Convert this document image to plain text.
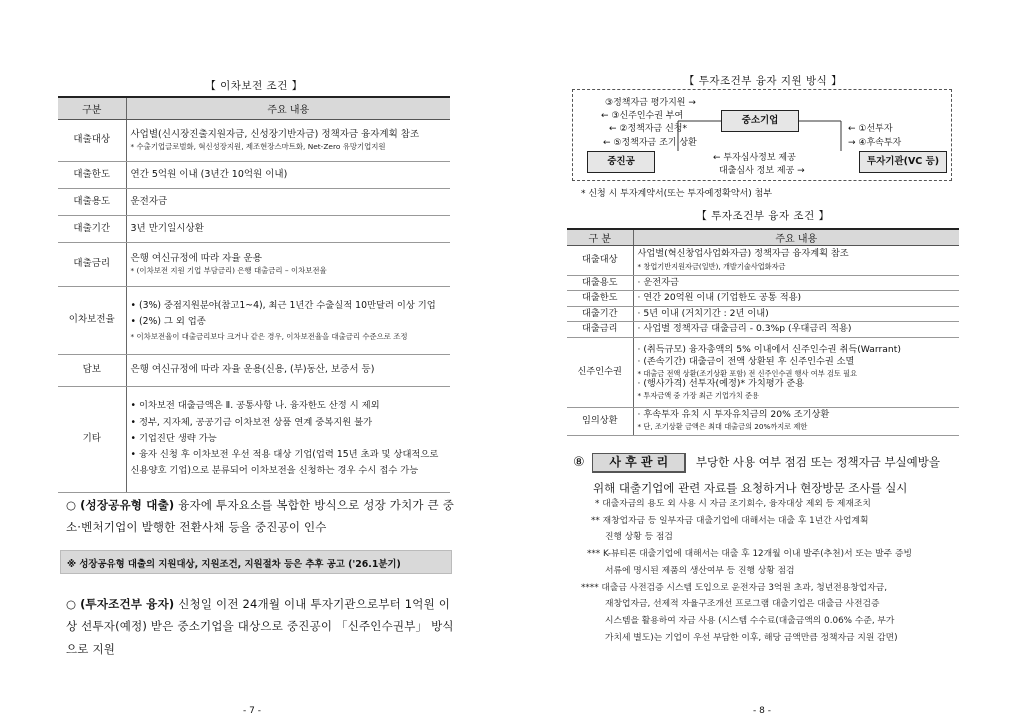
【 이차보전 조건 】
구분	주요 내용
대출대상	사업별(신시장진출지원자금, 신성장기반자금) 정책자금 융자계획 참조
* 수출기업글로벌화, 혁신성장지원, 제조현장스마트화, Net-Zero 유망기업지원

대출한도	연간 5억원 이내 (3년간 10억원 이내)
대출용도	운전자금
대출기간	3년 만기일시상환
대출금리	은행 여신규정에 따라 자율 운용
* (이차보전 지원 기업 부담금리) 은행 대출금리 – 이차보전율

이차보전율	• (3%) 중점지원분야(참고1~4), 최근 1년간 수출실적 10만달러 이상 기업
• (2%) 그 외 업종
* 이차보전율이 대출금리보다 크거나 같은 경우, 이차보전율을 대출금리 수준으로 조정

담보	은행 여신규정에 따라 자율 운용(신용, (부)동산, 보증서 등)
기타	• 이차보전 대출금액은 Ⅱ. 공통사항 나. 융자한도 산정 시 제외
• 정부, 지자체, 공공기금 이차보전 상품 연계 중복지원 불가
• 기업진단 생략 가능
• 융자 신청 후 이차보전 우선 적용 대상 기업(업력 15년 초과 및 상대적으로 신용양호 기업)으로 분류되어 이차보전을 신청하는 경우 수시 접수 가능
○ (성장공유형 대출) 융자에 투자요소를 복합한 방식으로 성장 가치가 큰 중소·벤처기업이 발행한 전환사채 등을 중진공이 인수
※ 성장공유형 대출의 지원대상, 지원조건, 지원절차 등은 추후 공고 ('26.1분기)
○ (투자조건부 융자) 신청일 이전 24개월 이내 투자기관으로부터 1억원 이상 선투자(예정) 받은 중소기업을 대상으로 중진공이 「신주인수권부」 방식으로 지원
- 7 -
【 투자조건부 융자 지원 방식 】
중소기업
중진공	투자기관(VC 등)
③정책자금 평가지원 →
← ③신주인수권 부여
← ②정책자금 신청*
← ⑤정책자금 조기 상환
← ①선투자
→ ④후속투자
← 투자심사정보 제공
대출심사 정보 제공 →
* 신청 시 투자계약서(또는 투자예정확약서) 첨부
【 투자조건부 융자 조건 】
구 분	주요 내용
대출대상	사업별(혁신창업사업화자금) 정책자금 융자계획 참조
* 창업기반지원자금(일반), 개발기술사업화자금
대출용도	· 운전자금
대출한도	· 연간 20억원 이내 (기업한도 공통 적용)
대출기간	· 5년 이내 (거치기간 : 2년 이내)
대출금리	· 사업별 정책자금 대출금리 - 0.3%p (우대금리 적용)
신주인수권	· (취득규모) 융자총액의 5% 이내에서 신주인수권 취득(Warrant)
· (존속기간) 대출금이 전액 상환된 후 신주인수권 소멸
* 대출금 전액 상환(조기상환 포함) 전 신주인수권 행사 여부 검토 필요
· (행사가격) 선투자(예정)* 가치평가 준용
* 투자금액 중 가장 최근 기업가치 준용

임의상환	· 후속투자 유치 시 투자유치금의 20% 조기상환
* 단, 조기상환 금액은 최대 대출금의 20%까지로 제한
⑧ 사 후 관 리 부당한 사용 여부 점검 또는 정책자금 부실예방을
위해 대출기업에 관련 자료를 요청하거나 현장방문 조사를 실시
* 대출자금의 용도 외 사용 시 자금 조기회수, 융자대상 제외 등 제재조치
** 재창업자금 등 일부자금 대출기업에 대해서는 대출 후 1년간 사업계획
진행 상황 등 점검
*** K-뷰티론 대출기업에 대해서는 대출 후 12개월 이내 발주(추천)서 또는 발주 증빙
서류에 명시된 제품의 생산여부 등 진행 상황 점검
**** 대출금 사전검증 시스템 도입으로 운전자금 3억원 초과, 청년전용창업자금,
재창업자금, 선제적 자율구조개선 프로그램 대출기업은 대출금 사전검증
시스템을 활용하여 자금 사용 (시스템 수수료(대출금액의 0.06% 수준, 부가
가치세 별도)는 기업이 우선 부담한 이후, 해당 금액만큼 정책자금 지원 감면)
- 8 -
